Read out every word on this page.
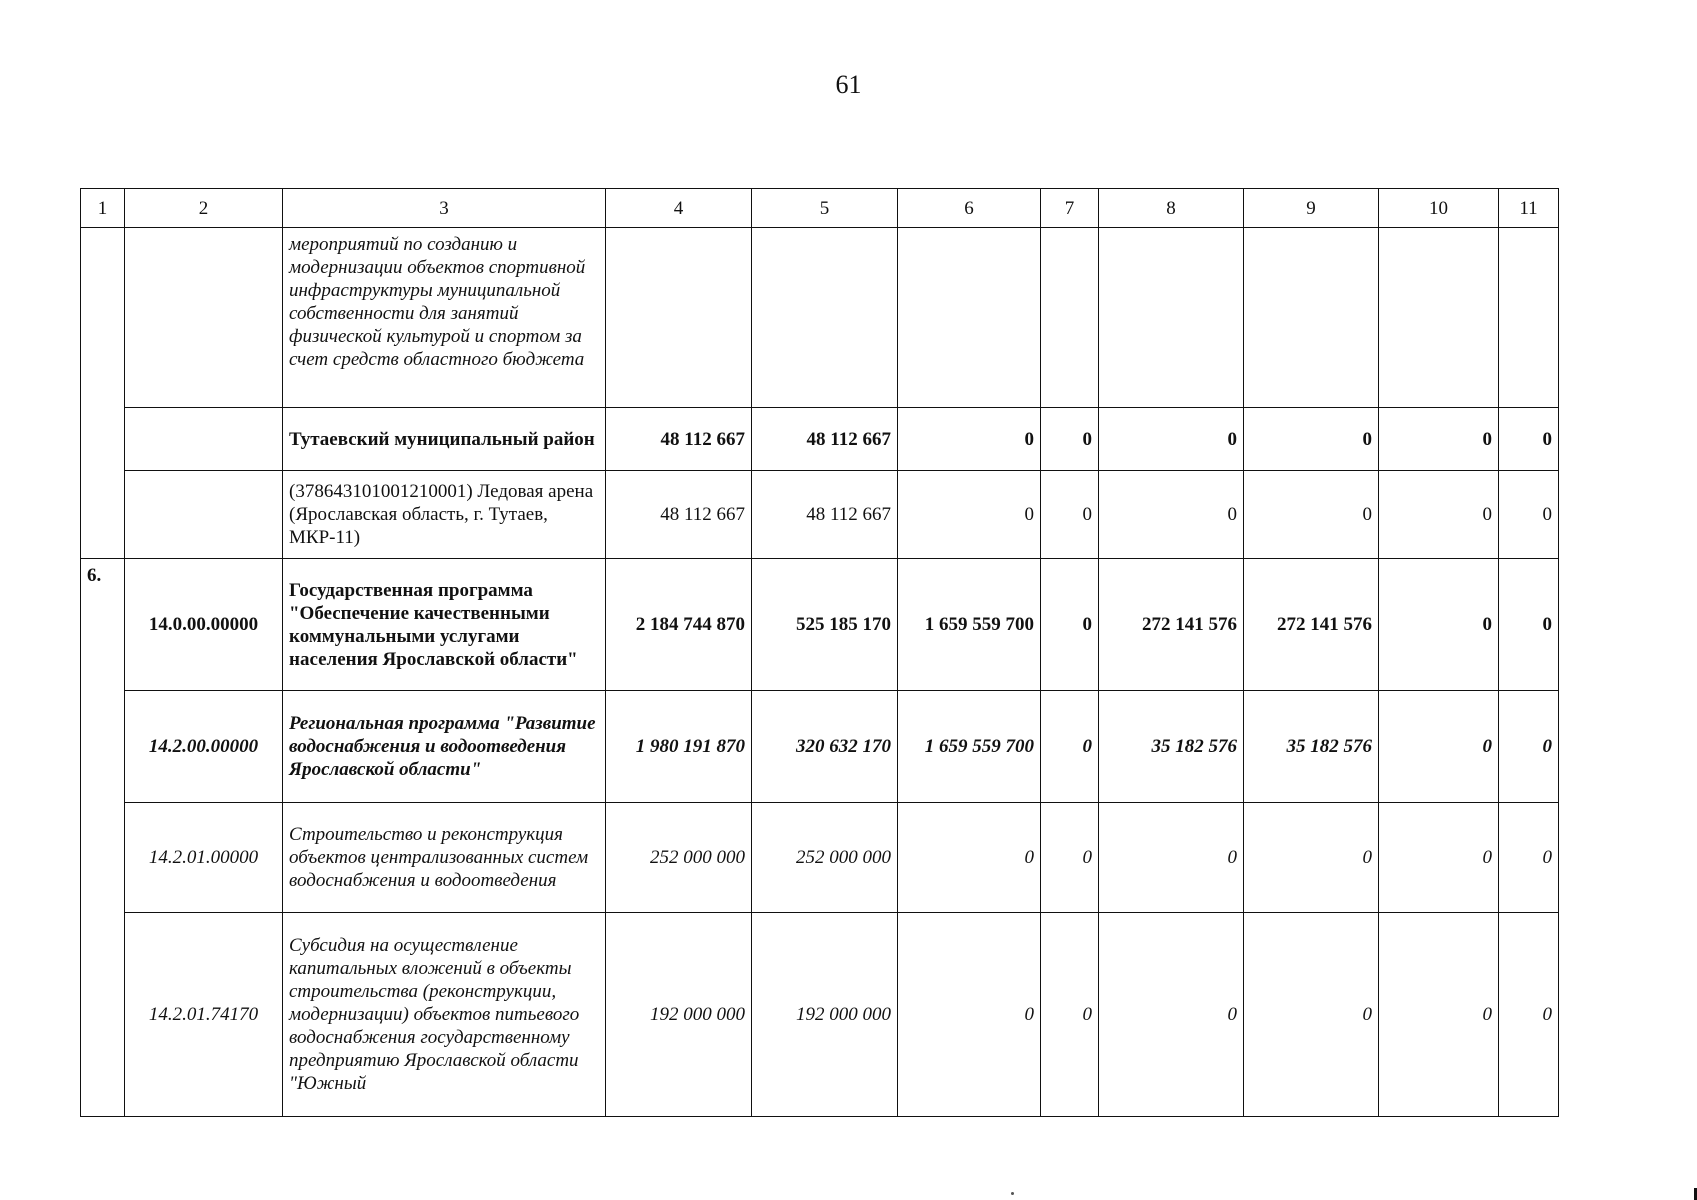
61
1	2	3	4	5	6	7	8	9	10	11
		мероприятий по созданию и модернизации объектов спортивной инфраструктуры муниципальной собственности для занятий физической культурой и спортом за счет средств областного бюджета								
		Тутаевский муниципальный район	48 112 667	48 112 667	0	0	0	0	0	0
		(378643101001210001) Ледовая арена (Ярославская область, г. Тутаев, МКР-11)	48 112 667	48 112 667	0	0	0	0	0	0
6.	14.0.00.00000	Государственная программа "Обеспечение качественными коммунальными услугами населения Ярославской области"	2 184 744 870	525 185 170	1 659 559 700	0	272 141 576	272 141 576	0	0
	14.2.00.00000	Региональная программа "Развитие водоснабжения и водоотведения Ярославской области"	1 980 191 870	320 632 170	1 659 559 700	0	35 182 576	35 182 576	0	0
	14.2.01.00000	Строительство и реконструкция объектов централизованных систем водоснабжения и водоотведения	252 000 000	252 000 000	0	0	0	0	0	0
	14.2.01.74170	Субсидия на осуществление капитальных вложений в объекты строительства (реконструкции, модернизации) объектов питьевого водоснабжения государственному предприятию Ярославской области "Южный	192 000 000	192 000 000	0	0	0	0	0	0
